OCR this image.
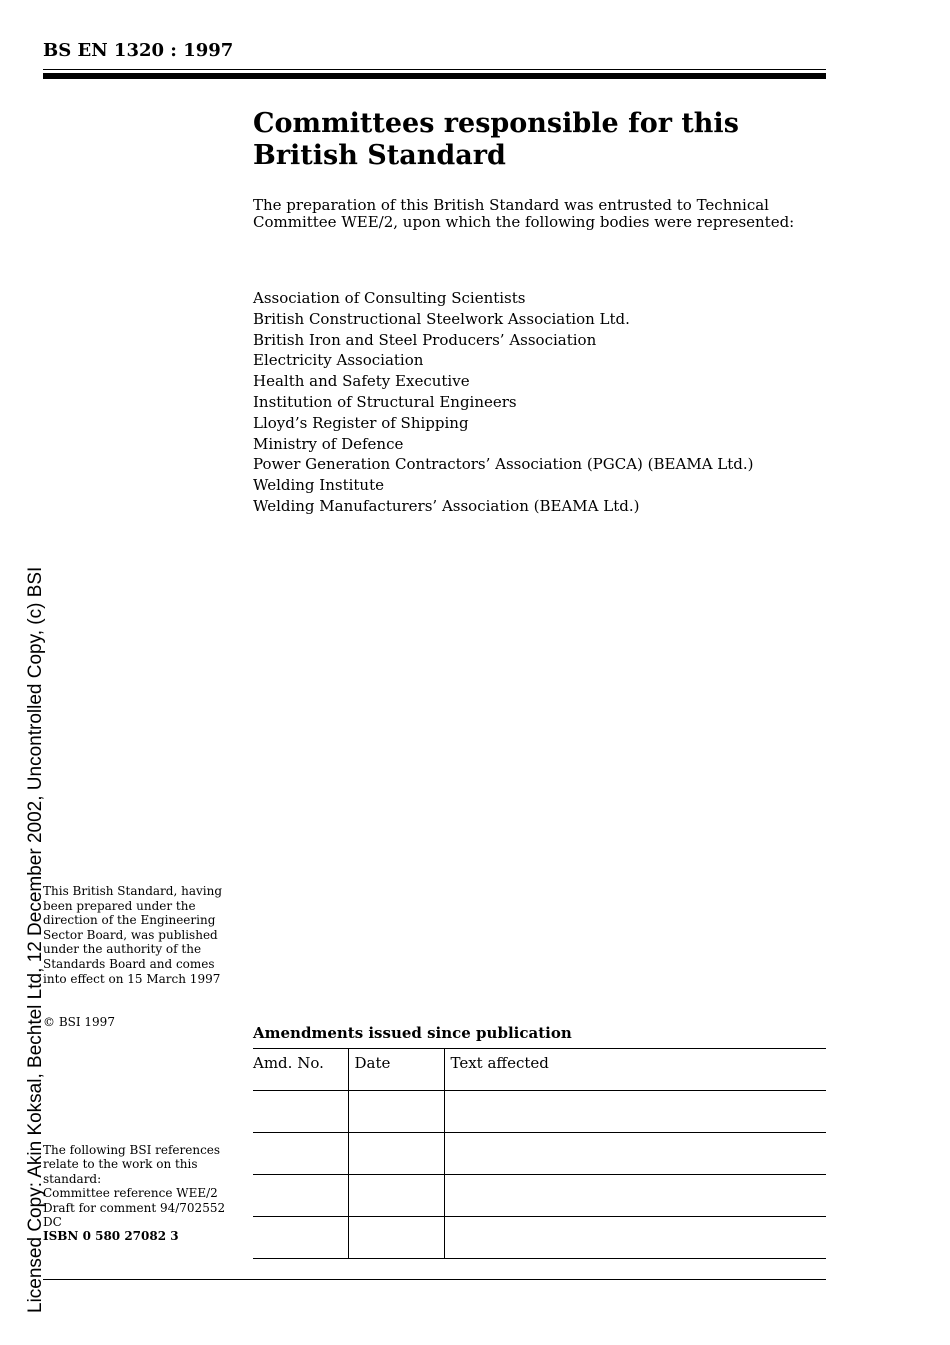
BS EN 1320 : 1997
Committees responsible for this
British Standard

The preparation of this British Standard was entrusted to Technical Committee WEE/2, upon which the following bodies were represented:

Association of Consulting Scientists
British Constructional Steelwork Association Ltd.
British Iron and Steel Producers’ Association
Electricity Association
Health and Safety Executive
Institution of Structural Engineers
Lloyd’s Register of Shipping
Ministry of Defence
Power Generation Contractors’ Association (PGCA) (BEAMA Ltd.)
Welding Institute
Welding Manufacturers’ Association (BEAMA Ltd.)

This British Standard, having been prepared under the direction of the Engineering Sector Board, was published under the authority of the Standards Board and comes into effect on 15 March 1997

© BSI 1997

The following BSI references relate to the work on this standard:

Committee reference WEE/2

Draft for comment 94/702552 DC

ISBN 0 580 27082 3
Amendments issued since publication
Amd. No.	Date	Text affected

Licensed Copy: Akin Koksal, Bechtel Ltd, 12 December 2002, Uncontrolled Copy, (c) BSI
